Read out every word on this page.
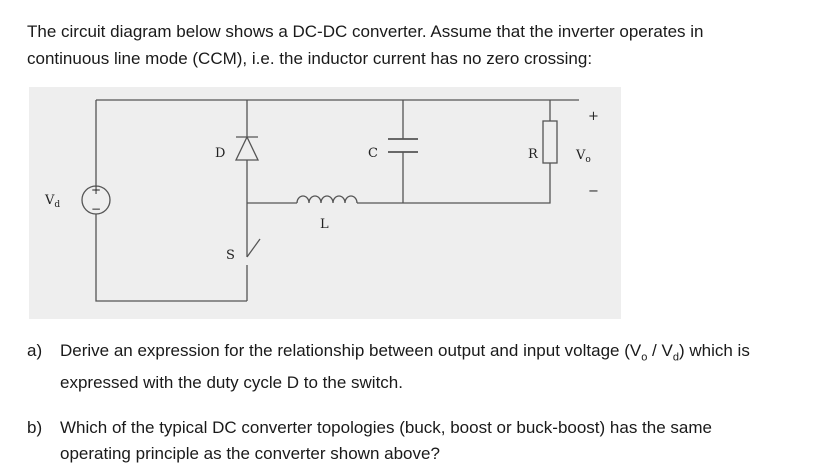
The circuit diagram below shows a DC-DC converter. Assume that the inverter operates in
continuous line mode (CCM), i.e. the inductor current has no zero crossing:
+
−
$V_d$
D	C
L
S
R
+
$V_o$
−
a) Derive an expression for the relationship between output and input voltage $(V_o / V_d)$ which is
expressed with the duty cycle D to the switch.
b) Which of the typical DC converter topologies (buck, boost or buck-boost) has the same
operating principle as the converter shown above?
